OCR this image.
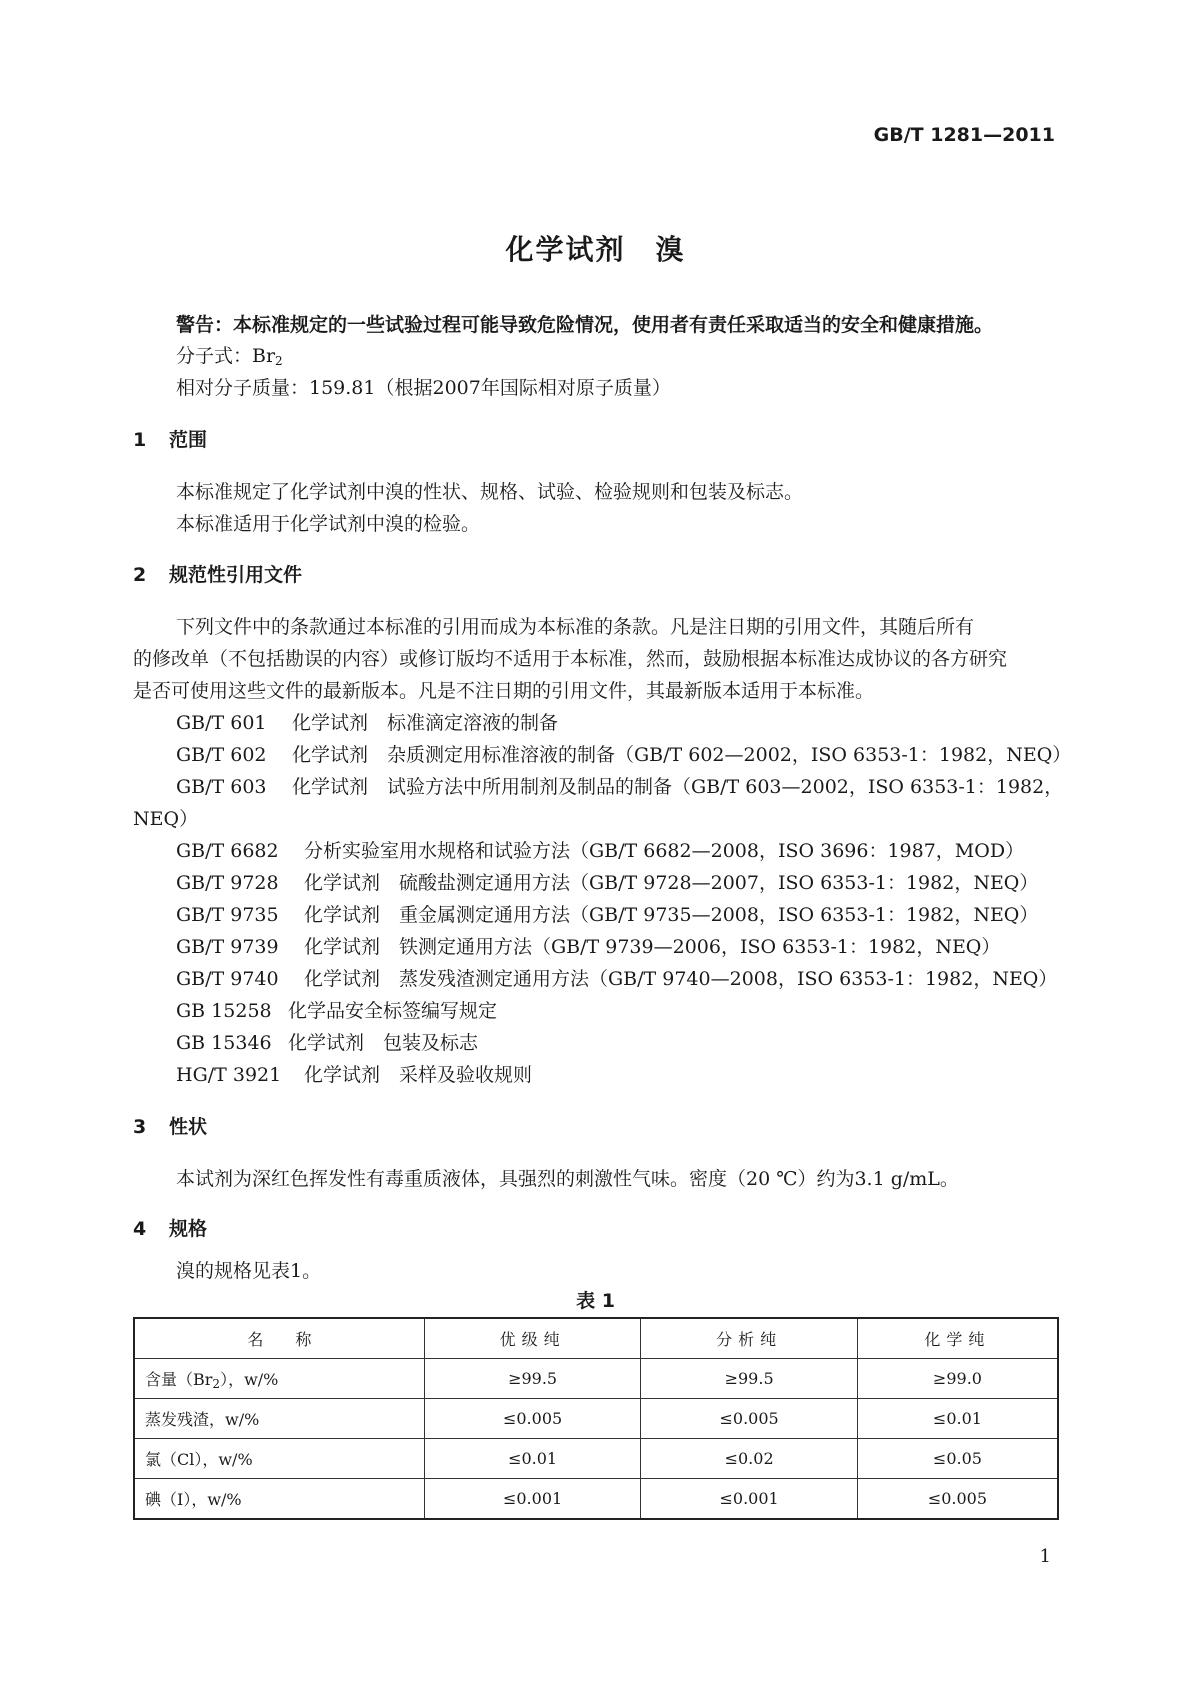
GB/T 1281—2011
化学试剂 溴
警告：本标准规定的一些试验过程可能导致危险情况，使用者有责任采取适当的安全和健康措施。
分子式：$Br_2$
相对分子质量：159.81（根据2007年国际相对原子质量）
1 范围
本标准规定了化学试剂中溴的性状、规格、试验、检验规则和包装及标志。
本标准适用于化学试剂中溴的检验。
2 规范性引用文件
下列文件中的条款通过本标准的引用而成为本标准的条款。凡是注日期的引用文件，其随后所有
的修改单（不包括勘误的内容）或修订版均不适用于本标准，然而，鼓励根据本标准达成协议的各方研究
是否可使用这些文件的最新版本。凡是不注日期的引用文件，其最新版本适用于本标准。
GB/T 601 化学试剂　标准滴定溶液的制备
GB/T 602 化学试剂　杂质测定用标准溶液的制备（GB/T 602—2002，ISO 6353-1：1982，NEQ）
GB/T 603 化学试剂　试验方法中所用制剂及制品的制备（GB/T 603—2002，ISO 6353-1：1982，
NEQ）
GB/T 6682 分析实验室用水规格和试验方法（GB/T 6682—2008，ISO 3696：1987，MOD）
GB/T 9728 化学试剂　硫酸盐测定通用方法（GB/T 9728—2007，ISO 6353-1：1982，NEQ）
GB/T 9735 化学试剂　重金属测定通用方法（GB/T 9735—2008，ISO 6353-1：1982，NEQ）
GB/T 9739 化学试剂　铁测定通用方法（GB/T 9739—2006，ISO 6353-1：1982，NEQ）
GB/T 9740 化学试剂　蒸发残渣测定通用方法（GB/T 9740—2008，ISO 6353-1：1982，NEQ）
GB 15258 化学品安全标签编写规定
GB 15346 化学试剂　包装及标志
HG/T 3921 化学试剂　采样及验收规则
3 性状
本试剂为深红色挥发性有毒重质液体，具强烈的刺激性气味。密度（20 ℃）约为3.1 g/mL。
4 规格
溴的规格见表1。
表 1
名　　称	优级纯	分析纯	化学纯
含量$(Br_2)$，w/%	≥99.5	≥99.5	≥99.0
蒸发残渣，w/%	≤0.005	≤0.005	≤0.01
氯（Cl），w/%	≤0.01	≤0.02	≤0.05
碘（I），w/%	≤0.001	≤0.001	≤0.005
1
